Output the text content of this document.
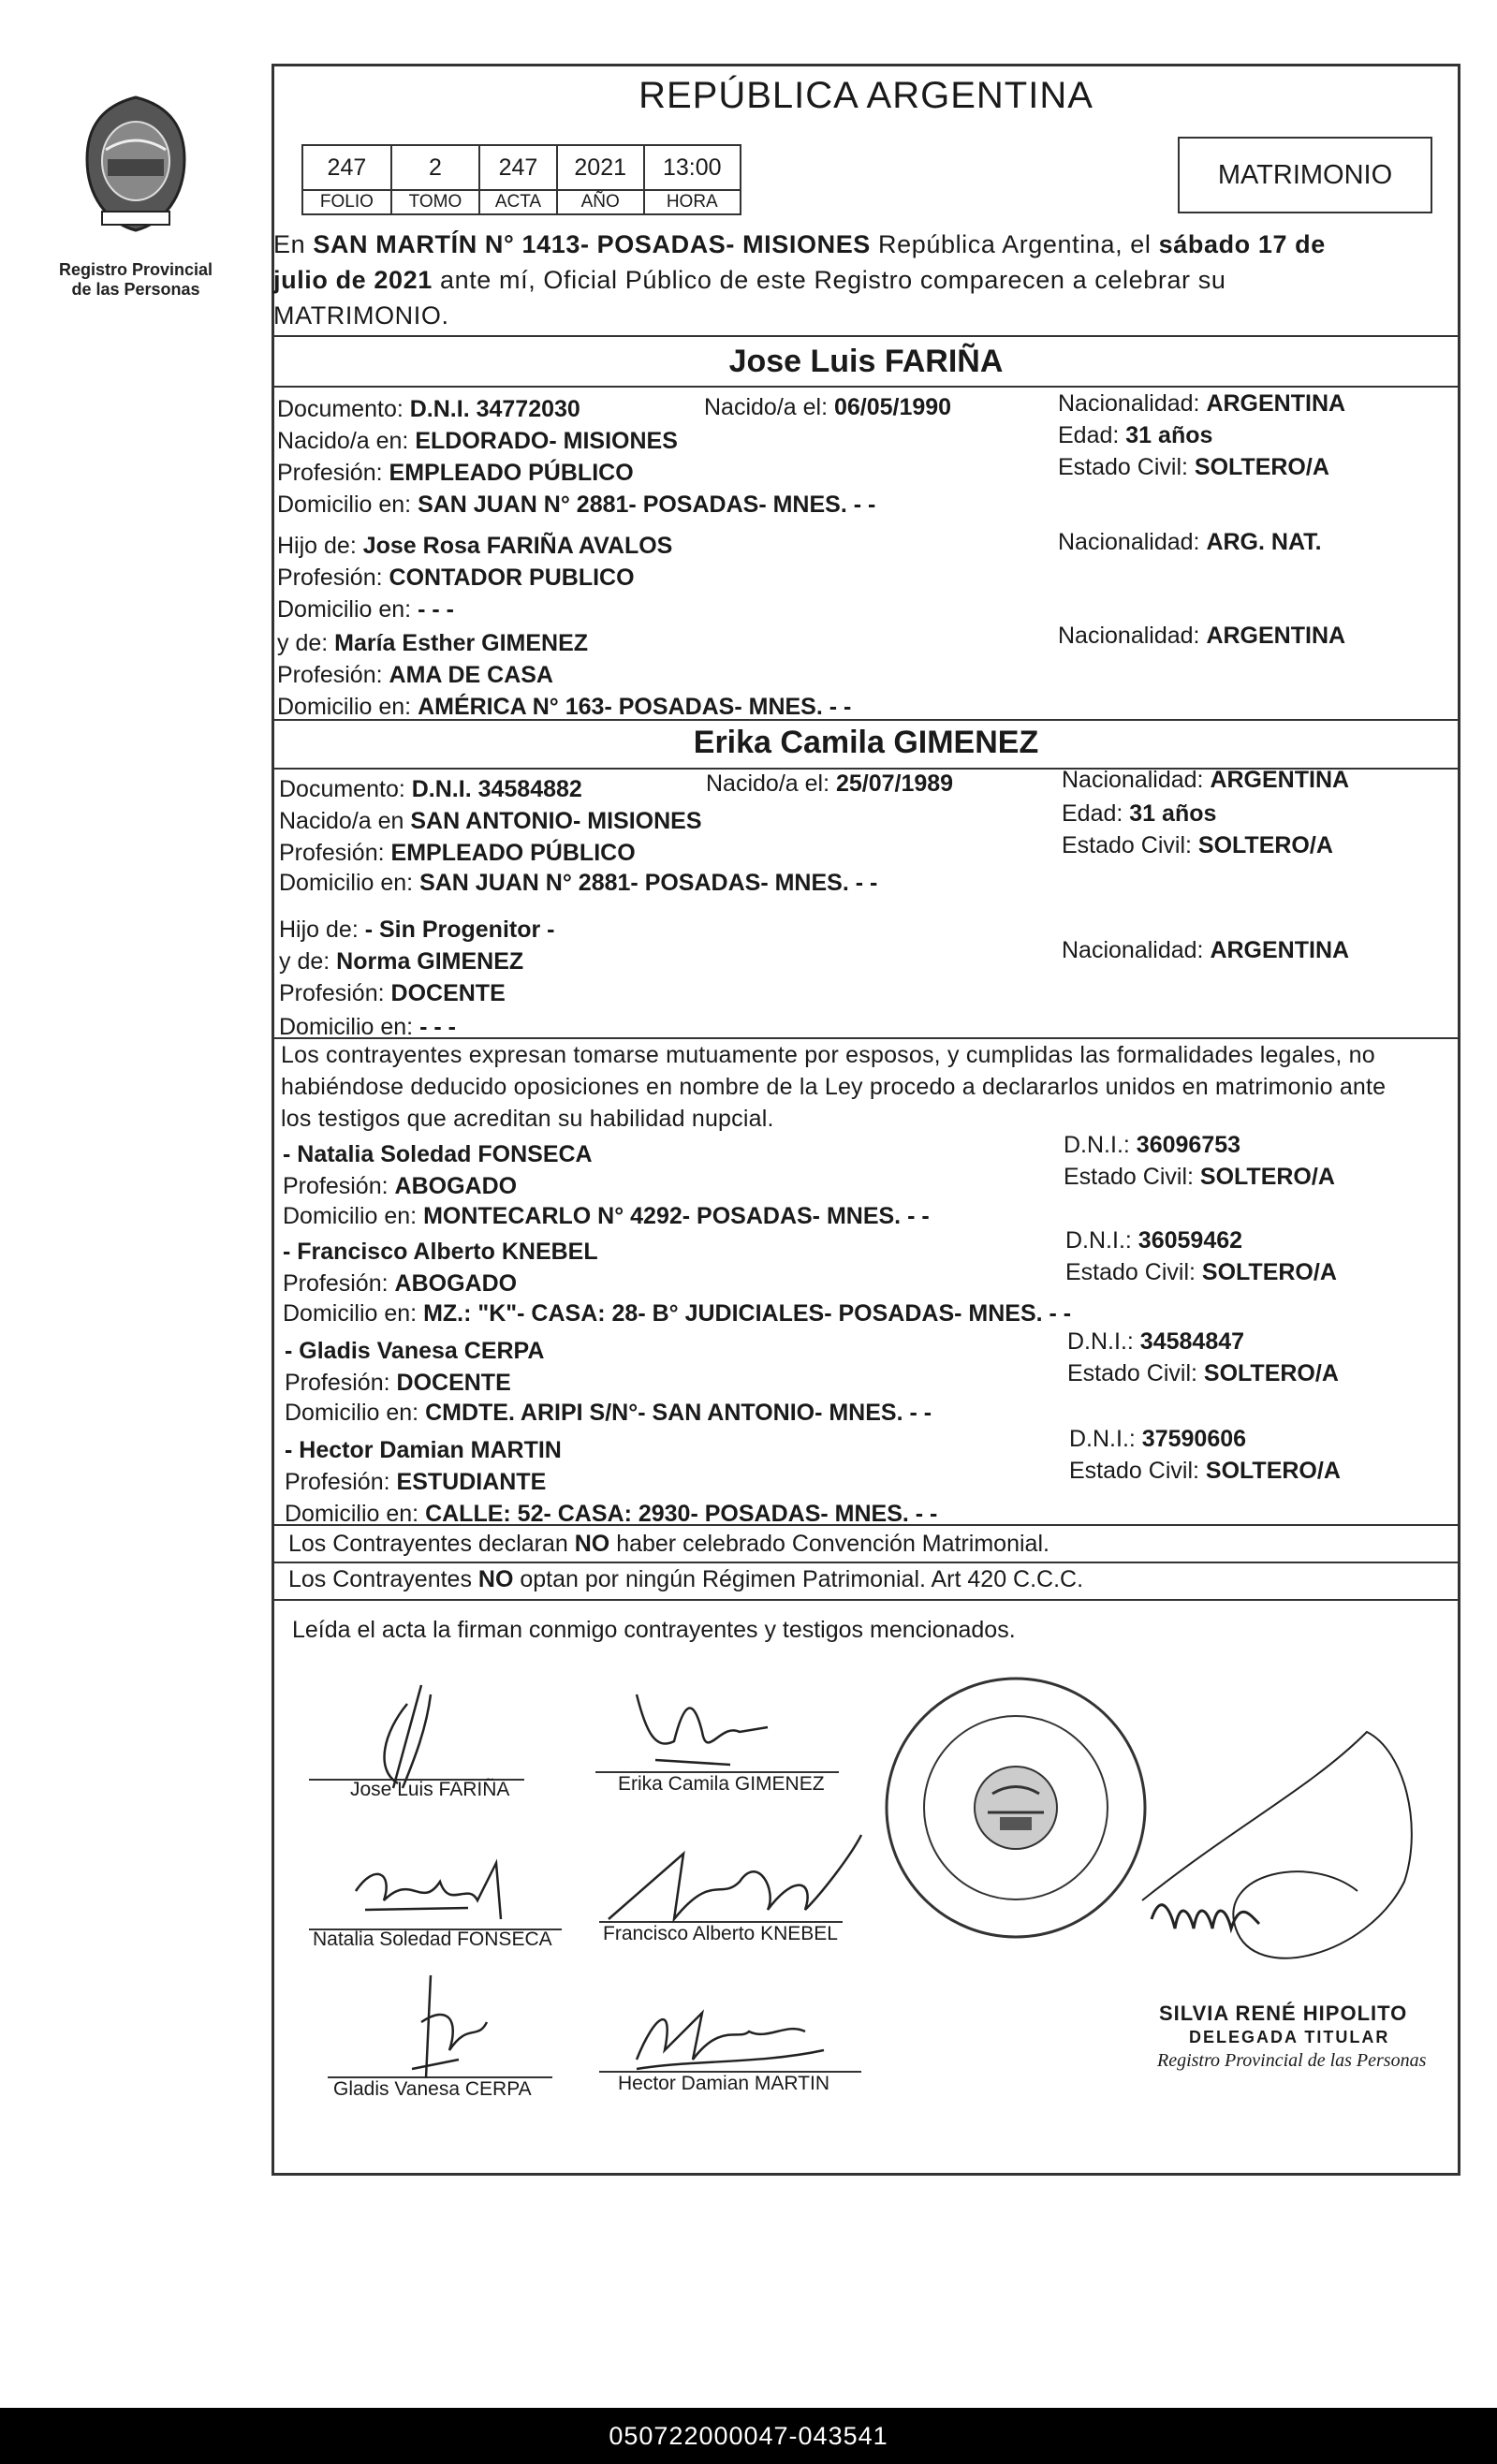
Registro Provincial
de las Personas
REPÚBLICA ARGENTINA
247	2	247	2021	13:00
FOLIO	TOMO	ACTA	AÑO	HORA
MATRIMONIO
En SAN MARTÍN N° 1413- POSADAS- MISIONES República Argentina, el sábado 17 de
julio de 2021 ante mí, Oficial Público de este Registro comparecen a celebrar su
MATRIMONIO.
Jose Luis FARIÑA
Documento: D.N.I. 34772030	Nacido/a el: 06/05/1990	Nacionalidad: ARGENTINA
Nacido/a en: ELDORADO- MISIONES	Edad: 31 años
Profesión: EMPLEADO PÚBLICO	Estado Civil: SOLTERO/A
Domicilio en: SAN JUAN N° 2881- POSADAS- MNES. - -
Hijo de: Jose Rosa FARIÑA AVALOS	Nacionalidad: ARG. NAT.
Profesión: CONTADOR PUBLICO
Domicilio en: - - -
y de: María Esther GIMENEZ	Nacionalidad: ARGENTINA
Profesión: AMA DE CASA
Domicilio en: AMÉRICA N° 163- POSADAS- MNES. - -
Erika Camila GIMENEZ
Documento: D.N.I. 34584882	Nacido/a el: 25/07/1989	Nacionalidad: ARGENTINA
Nacido/a en SAN ANTONIO- MISIONES	Edad: 31 años
Profesión: EMPLEADO PÚBLICO	Estado Civil: SOLTERO/A
Domicilio en: SAN JUAN N° 2881- POSADAS- MNES. - -
Hijo de: - Sin Progenitor -
y de: Norma GIMENEZ	Nacionalidad: ARGENTINA
Profesión: DOCENTE
Domicilio en: - - -
Los contrayentes expresan tomarse mutuamente por esposos, y cumplidas las formalidades legales, no
habiéndose deducido oposiciones en nombre de la Ley procedo a declararlos unidos en matrimonio ante
los testigos que acreditan su habilidad nupcial.
- Natalia Soledad FONSECA	D.N.I.: 36096753
Profesión: ABOGADO	Estado Civil: SOLTERO/A
Domicilio en: MONTECARLO N° 4292- POSADAS- MNES. - -
- Francisco Alberto KNEBEL	D.N.I.: 36059462
Profesión: ABOGADO	Estado Civil: SOLTERO/A
Domicilio en: MZ.: "K"- CASA: 28- B° JUDICIALES- POSADAS- MNES. - -
- Gladis Vanesa CERPA	D.N.I.: 34584847
Profesión: DOCENTE	Estado Civil: SOLTERO/A
Domicilio en: CMDTE. ARIPI S/N°- SAN ANTONIO- MNES. - -
- Hector Damian MARTIN	D.N.I.: 37590606
Profesión: ESTUDIANTE	Estado Civil: SOLTERO/A
Domicilio en: CALLE: 52- CASA: 2930- POSADAS- MNES. - -
Los Contrayentes declaran NO haber celebrado Convención Matrimonial.
Los Contrayentes NO optan por ningún Régimen Patrimonial. Art 420 C.C.C.
Leída el acta la firman conmigo contrayentes y testigos mencionados.
Jose Luis FARIÑA	Erika Camila GIMENEZ
Natalia Soledad FONSECA	Francisco Alberto KNEBEL
Gladis Vanesa CERPA	Hector Damian MARTIN
SILVIA RENÉ HIPOLITO
DELEGADA TITULAR
Registro Provincial de las Personas
050722000047-043541
